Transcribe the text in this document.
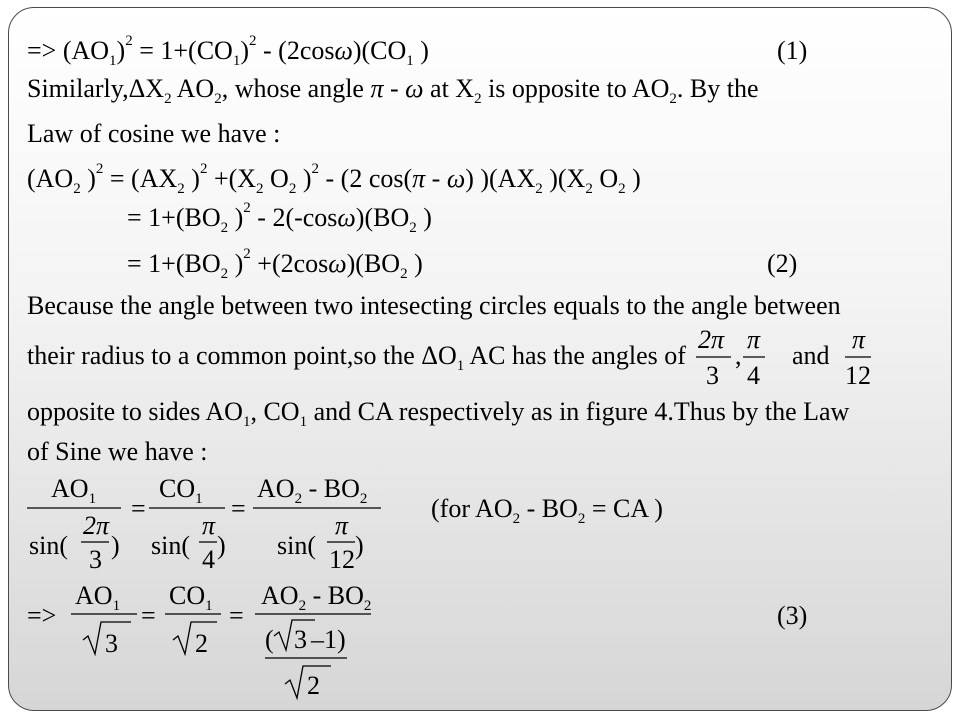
=> $(AO_1)^2 = 1+(CO_1)^2 - (2\cos\omega)(CO_1$ )	(1)
$Similarly,\Delta X_2$ $AO_2$, whose angle π - ω at $X_2$ is opposite to $AO_2$. By the
Law of cosine we have :
($AO_2$ )$^2 = (AX_2$ )$^2 +(X_2$ $O_2$ )$^2$ - (2 cos(π - ω) )($AX_2$ )($X_2$ $O_2$ )
= $1+(BO_2$ )$^2 - 2(-\cos\omega)(BO_2$ )
= $1+(BO_2$ )$^2 +(2\cos\omega)(BO_2$ )	(2)
Because the angle between two intesecting circles equals to the angle between
their radius to a common point,so the $\Delta O_1$ AC has the angles of
2π
3
,
π
4
and
π
12
opposite to sides $AO_1$, $CO_1$ and CA respectively as in figure 4.Thus by the Law
of Sine we have :
$AO_1$
sin(
2π
3 )
=
$CO_1$
sin(
π
4 )
=
$AO_2 - BO_2$
sin(
π
12 )
(for $AO_2 - BO_2$ = CA )
=>
$AO_1$
3
=
$CO_1$
2
=
$AO_2 - BO_2$
( 3 –1)
2
(3)
